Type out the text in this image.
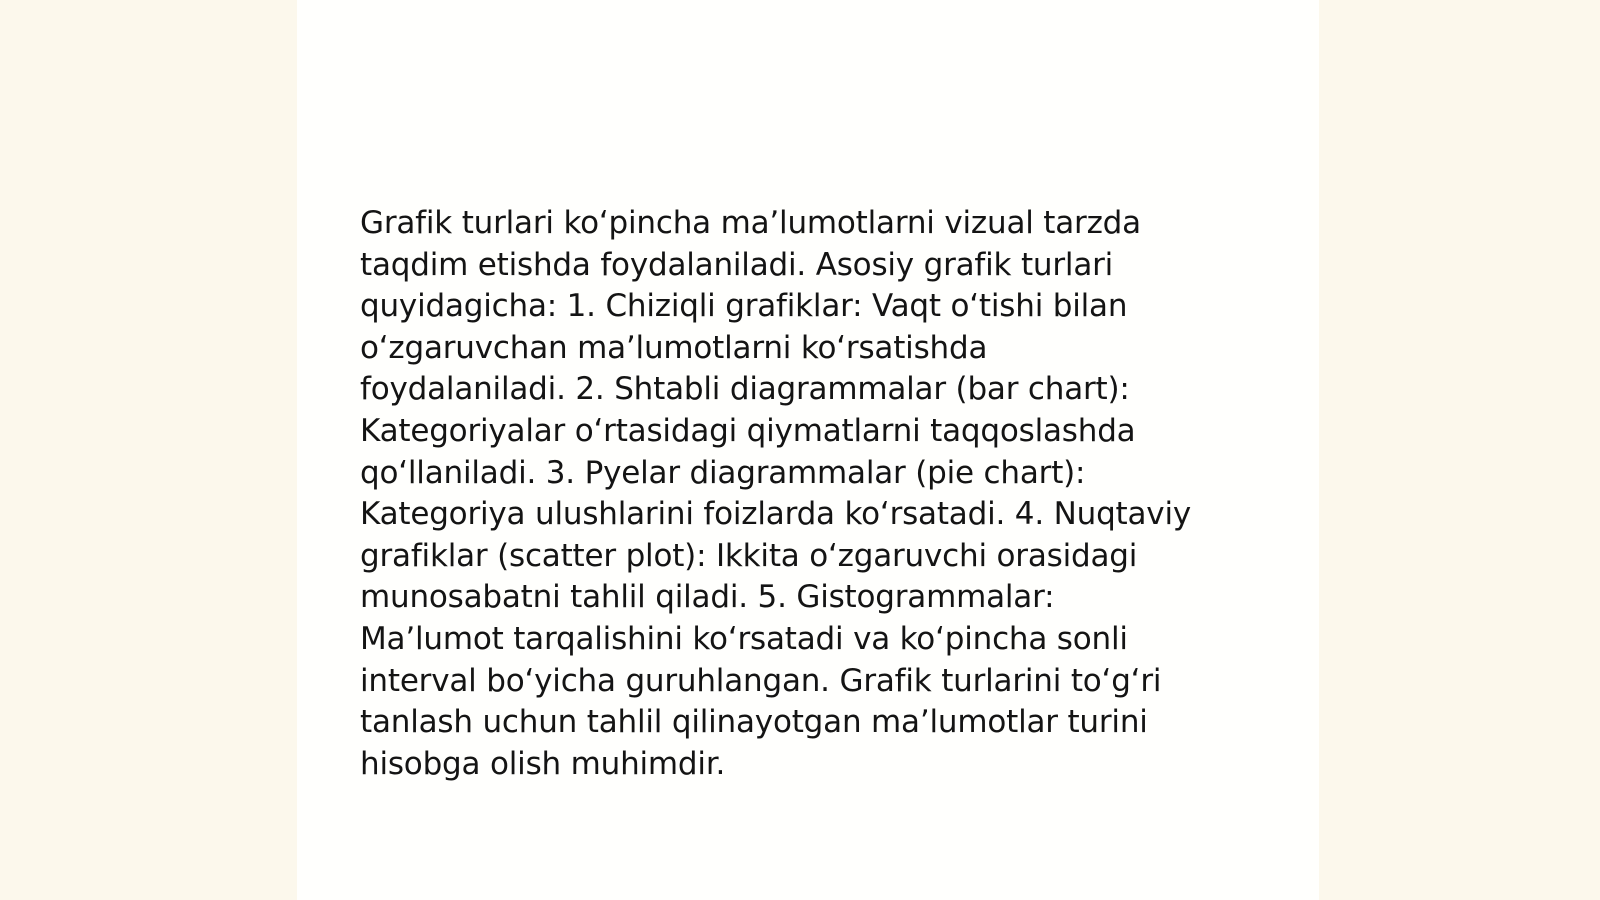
Grafik turlari ko‘pincha ma’lumotlarni vizual tarzda
taqdim etishda foydalaniladi. Asosiy grafik turlari
quyidagicha: 1. Chiziqli grafiklar: Vaqt o‘tishi bilan
o‘zgaruvchan ma’lumotlarni ko‘rsatishda
foydalaniladi. 2. Shtabli diagrammalar (bar chart):
Kategoriyalar o‘rtasidagi qiymatlarni taqqoslashda
qo‘llaniladi. 3. Pyelar diagrammalar (pie chart):
Kategoriya ulushlarini foizlarda ko‘rsatadi. 4. Nuqtaviy
grafiklar (scatter plot): Ikkita o‘zgaruvchi orasidagi
munosabatni tahlil qiladi. 5. Gistogrammalar:
Ma’lumot tarqalishini ko‘rsatadi va ko‘pincha sonli
interval bo‘yicha guruhlangan. Grafik turlarini to‘g‘ri
tanlash uchun tahlil qilinayotgan ma’lumotlar turini
hisobga olish muhimdir.
